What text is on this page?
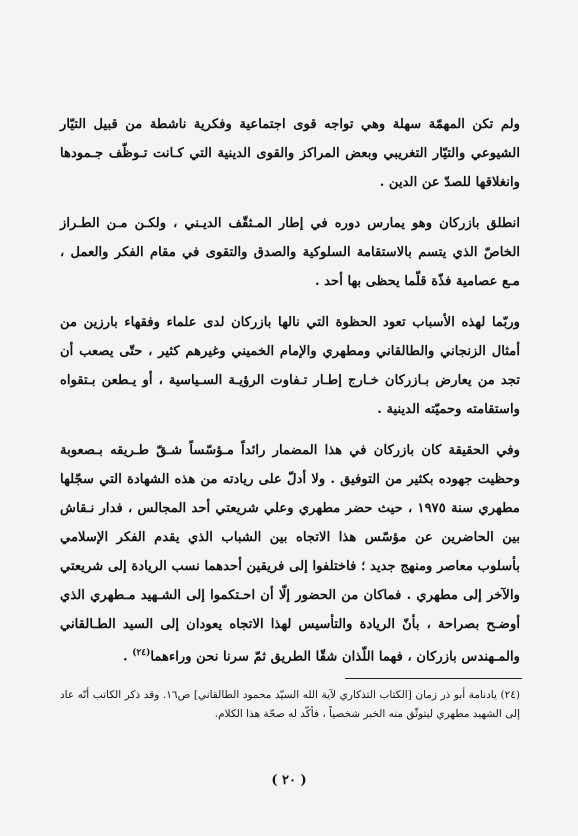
ولم تكن المهمّة سهلة وهي تواجه قوى اجتماعية وفكرية ناشطة من قبيل التيّار الشيوعي والتيّار التغريبي وبعض المراكز والقوى الدينية التي كـانت تـوظّف جـمودها وانغلاقها للصدّ عن الدين .

انطلق بازركان وهو يمارس دوره في إطار المـثقّف الديـني ، ولكـن مـن الطـراز الخاصّ الذي يتسم بالاستقامة السلوكية والصدق والتقوى في مقام الفكر والعمل ، مـع عصامية فذّة قلّما يحظى بها أحد .

وربّما لهذه الأسباب تعود الحظوة التي نالها بازركان لدى علماء وفقهاء بارزين من أمثال الزنجاني والطالقاني ومطهري والإمام الخميني وغيرهم كثير ، حتّى يصعب أن تجد من يعارض بـازركان خـارج إطـار تـفاوت الرؤيـة السـياسية ، أو يـطعن بـتقواه واستقامته وحميّته الدينية .

وفي الحقيقة كان بازركان في هذا المضمار رائداً مـؤسّساً شـقّ طـريقه بـصعوبة وحظيت جهوده بكثير من التوفيق . ولا أدلّ على ريادته من هذه الشهادة التي سجّلها مطهري سنة ١٩٧٥ ، حيث حضر مطهري وعلي شريعتي أحد المجالس ، فدار نـقاش بين الحاضرين عن مؤسّس هذا الاتجاه بين الشباب الذي يقدم الفكر الإسلامي بأسلوب معاصر ومنهج جديد ؛ فاختلفوا إلى فريقين أحدهما نسب الريادة إلى شريعتي والآخر إلى مطهري . فماكان من الحضور إلّا أن احـتكموا إلى الشـهيد مـطهري الذي أوضـح بصراحة ، بأنّ الريادة والتأسيس لهذا الاتجاه يعودان إلى السيد الطـالقاني والمـهندس بازركان ، فهما اللّذان شقّا الطريق ثمّ سرنا نحن وراءهما$^{(٢٤)}$ .

(٢٤) يادنامة أبو ذر زمان [الكتاب التذكاري لآية الله السيّد محمود الطالقاني] ص١٦. وقد ذكر الكاتب أنّه عاد إلى الشهيد مطهري ليتوثّق منه الخبر شخصياً ، فأكّد له صحّة هذا الكلام.
( ٢٠ )
